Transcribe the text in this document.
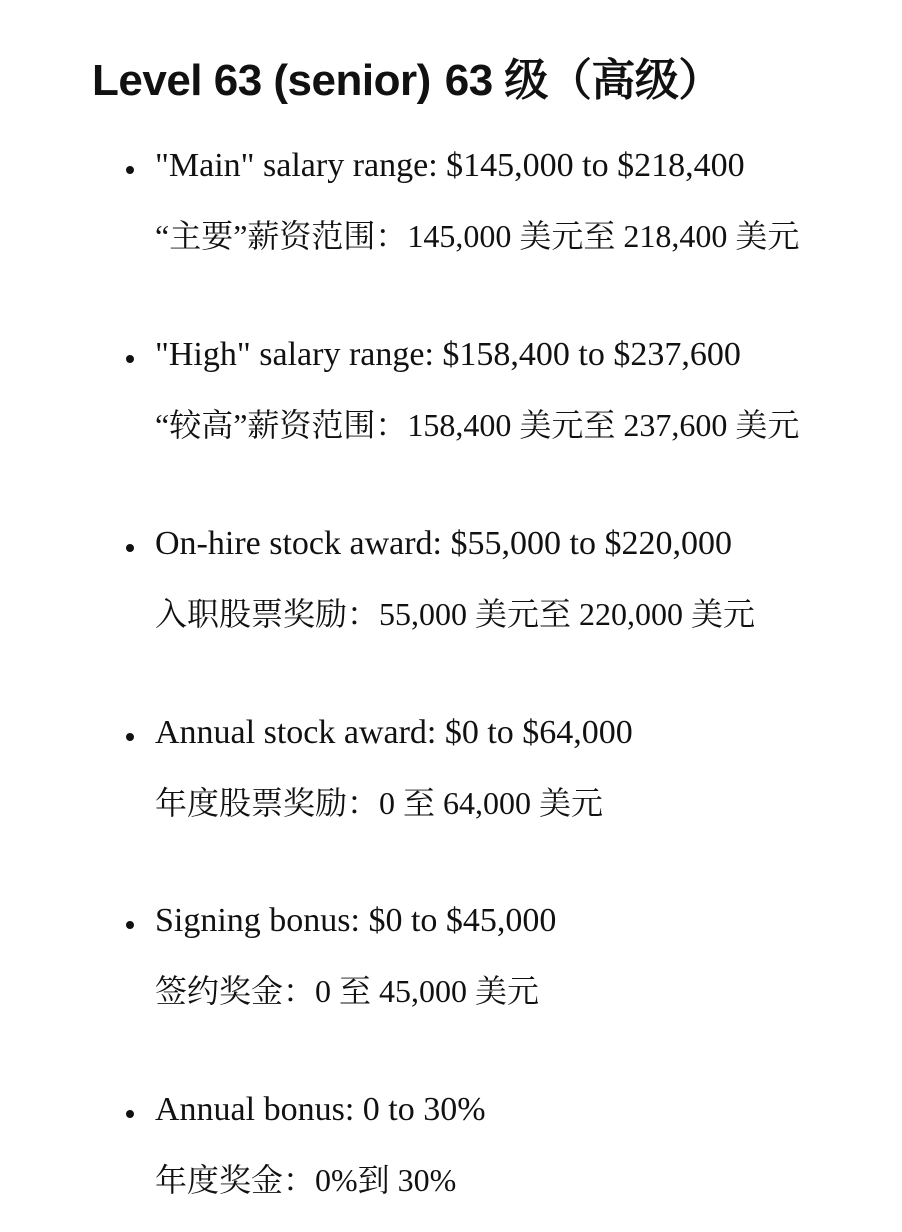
Level 63 (senior) 63 级（高级）
"Main" salary range: $145,000 to $218,400
“主要”薪资范围：145,000 美元至 218,400 美元
"High" salary range: $158,400 to $237,600
“较高”薪资范围：158,400 美元至 237,600 美元
On-hire stock award: $55,000 to $220,000
入职股票奖励：55,000 美元至 220,000 美元
Annual stock award: $0 to $64,000
年度股票奖励：0 至 64,000 美元
Signing bonus: $0 to $45,000
签约奖金：0 至 45,000 美元
Annual bonus: 0 to 30%
年度奖金：0%到 30%
